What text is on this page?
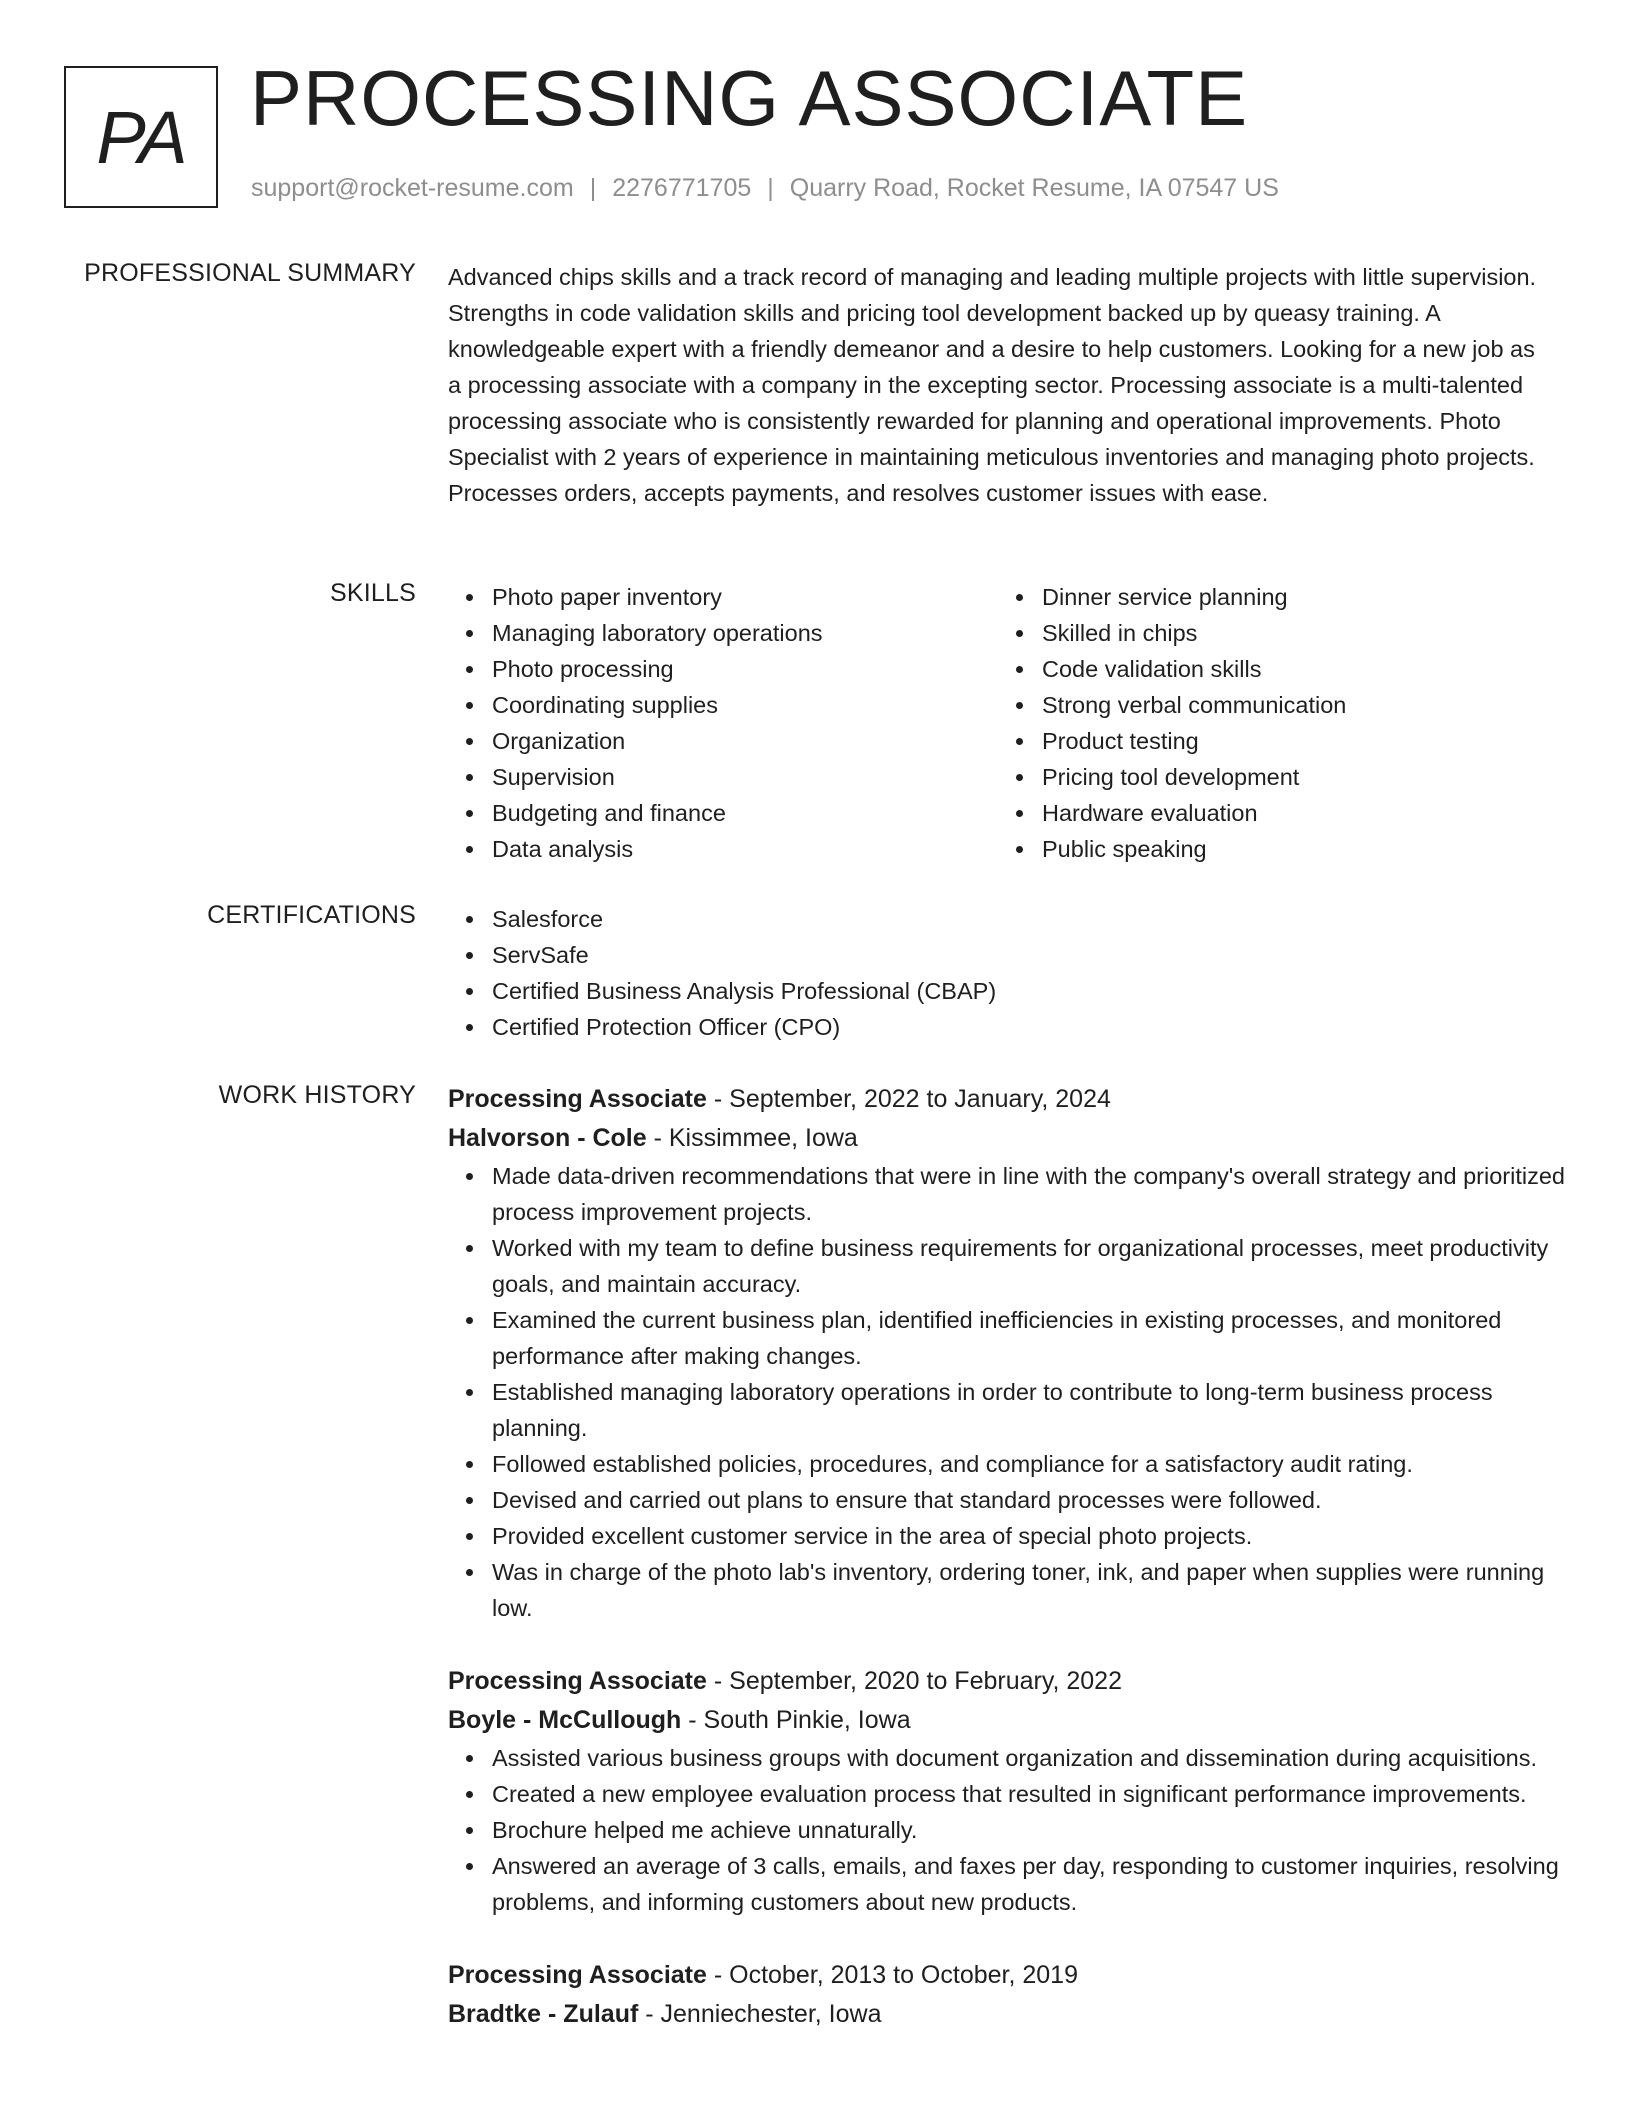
PA PROCESSING ASSOCIATE
support@rocket-resume.com | 2276771705 | Quarry Road, Rocket Resume, IA 07547 US
PROFESSIONAL SUMMARY Advanced chips skills and a track record of managing and leading multiple projects with little supervision. Strengths in code validation skills and pricing tool development backed up by queasy training. A knowledgeable expert with a friendly demeanor and a desire to help customers. Looking for a new job as a processing associate with a company in the excepting sector. Processing associate is a multi-talented processing associate who is consistently rewarded for planning and operational improvements. Photo Specialist with 2 years of experience in maintaining meticulous inventories and managing photo projects. Processes orders, accepts payments, and resolves customer issues with ease.
SKILLS	Photo paper inventory
Managing laboratory operations
Photo processing
Coordinating supplies
Organization
Supervision
Budgeting and finance
Data analysis
Dinner service planning
Skilled in chips
Code validation skills
Strong verbal communication
Product testing
Pricing tool development
Hardware evaluation
Public speaking
CERTIFICATIONS	Salesforce
ServSafe
Certified Business Analysis Professional (CBAP)
Certified Protection Officer (CPO)
WORK HISTORY Processing Associate - September, 2022 to January, 2024
Halvorson - Cole - Kissimmee, Iowa
Made data-driven recommendations that were in line with the company's overall strategy and prioritized process improvement projects.
Worked with my team to define business requirements for organizational processes, meet productivity goals, and maintain accuracy.
Examined the current business plan, identified inefficiencies in existing processes, and monitored performance after making changes.
Established managing laboratory operations in order to contribute to long-term business process planning.
Followed established policies, procedures, and compliance for a satisfactory audit rating.
Devised and carried out plans to ensure that standard processes were followed.
Provided excellent customer service in the area of special photo projects.
Was in charge of the photo lab's inventory, ordering toner, ink, and paper when supplies were running low.
Processing Associate - September, 2020 to February, 2022
Boyle - McCullough - South Pinkie, Iowa
Assisted various business groups with document organization and dissemination during acquisitions.
Created a new employee evaluation process that resulted in significant performance improvements.
Brochure helped me achieve unnaturally.
Answered an average of 3 calls, emails, and faxes per day, responding to customer inquiries, resolving problems, and informing customers about new products.
Processing Associate - October, 2013 to October, 2019
Bradtke - Zulauf - Jenniechester, Iowa
